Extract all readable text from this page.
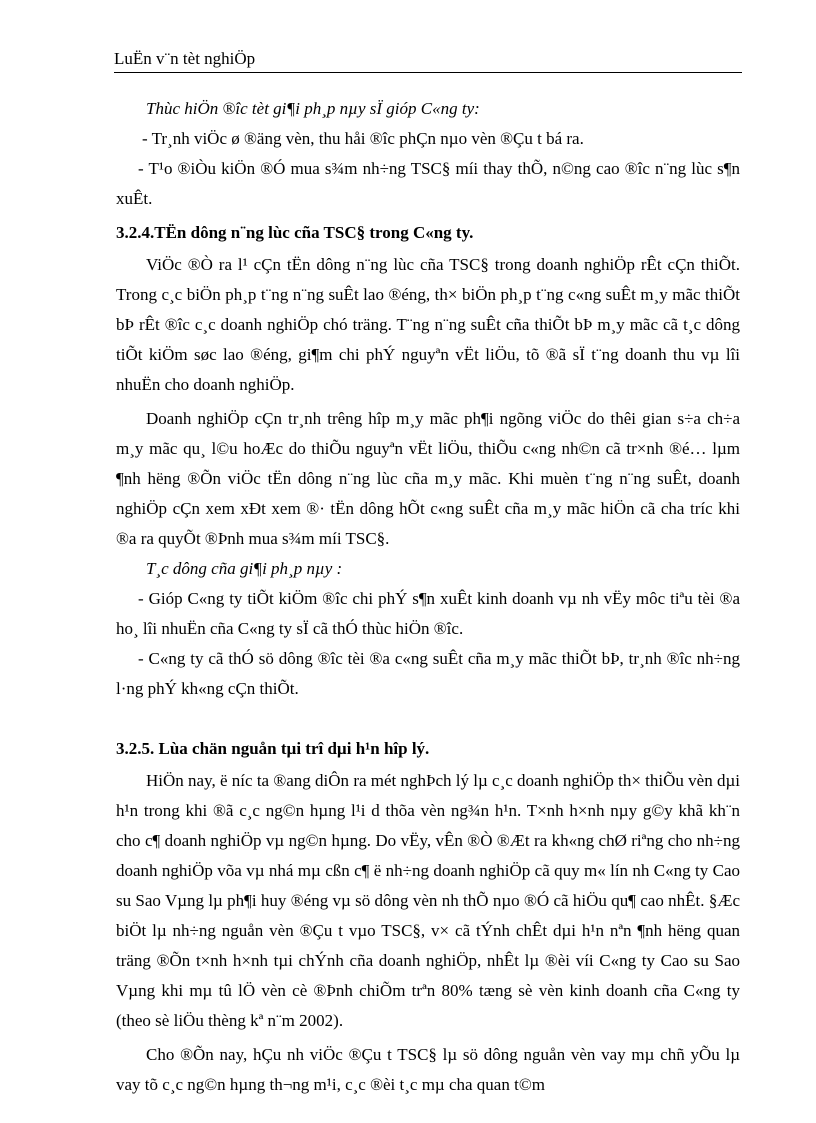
LuËn v¨n tèt nghiÖp

Thùc hiÖn ®îc tèt gi¶i ph¸p nµy sÏ gióp C«ng ty:

- Tr¸nh viÖc ø ®äng vèn, thu håi ®îc phÇn nµo vèn ®Çu t bá ra.

- T¹o ®iÒu kiÖn ®Ó mua s¾m nh÷ng TSC§ míi thay thÕ, n©ng cao ®îc n¨ng lùc s¶n xuÊt.

3.2.4.TËn dông n¨ng lùc cña TSC§ trong C«ng ty.

ViÖc ®Ò ra l¹ cÇn tËn dông n¨ng lùc cña TSC§ trong doanh nghiÖp rÊt cÇn thiÕt. Trong c¸c biÖn ph¸p t¨ng n¨ng suÊt lao ®éng, th× biÖn ph¸p t¨ng c«ng suÊt m¸y mãc thiÕt bÞ rÊt ®îc c¸c doanh nghiÖp chó träng. T¨ng n¨ng suÊt cña thiÕt bÞ m¸y mãc cã t¸c dông tiÕt kiÖm søc lao ®éng, gi¶m chi phÝ nguyªn vËt liÖu, tõ ®ã sÏ t¨ng doanh thu vµ lîi nhuËn cho doanh nghiÖp.

Doanh nghiÖp cÇn tr¸nh trêng hîp m¸y mãc ph¶i ngõng viÖc do thêi gian s÷a ch÷a m¸y mãc qu¸ l©u hoÆc do thiÕu nguyªn vËt liÖu, thiÕu c«ng nh©n cã tr×nh ®é… lµm ¶nh hëng ®Õn viÖc tËn dông n¨ng lùc cña m¸y mãc. Khi muèn t¨ng n¨ng suÊt, doanh nghiÖp cÇn xem xÐt xem ®· tËn dông hÕt c«ng suÊt cña m¸y mãc hiÖn cã cha tríc khi ®a ra quyÕt ®Þnh mua s¾m míi TSC§.

T¸c dông cña gi¶i ph¸p nµy :

- Gióp C«ng ty tiÕt kiÖm ®îc chi phÝ s¶n xuÊt kinh doanh vµ nh vËy môc tiªu tèi ®a ho¸ lîi nhuËn cña C«ng ty sÏ cã thÓ thùc hiÖn ®îc.

- C«ng ty cã thÓ sö dông ®îc tèi ®a c«ng suÊt cña m¸y mãc thiÕt bÞ, tr¸nh ®îc nh÷ng l·ng phÝ kh«ng cÇn thiÕt.

3.2.5. Lùa chän nguån tµi trî dµi h¹n hîp lý.

HiÖn nay, ë níc ta ®ang diÔn ra mét nghÞch lý lµ c¸c doanh nghiÖp th× thiÕu vèn dµi h¹n trong khi ®ã c¸c ng©n hµng l¹i d thõa vèn ng¾n h¹n. T×nh h×nh nµy g©y khã kh¨n cho c¶ doanh nghiÖp vµ ng©n hµng. Do vËy, vÊn ®Ò ®Æt ra kh«ng chØ riªng cho nh÷ng doanh nghiÖp võa vµ nhá mµ cßn c¶ ë nh÷ng doanh nghiÖp cã quy m« lín nh C«ng ty Cao su Sao Vµng lµ ph¶i huy ®éng vµ sö dông vèn nh thÕ nµo ®Ó cã hiÖu qu¶ cao nhÊt. §Æc biÖt lµ nh÷ng nguån vèn ®Çu t vµo TSC§, v× cã tÝnh chÊt dµi h¹n nªn ¶nh hëng quan träng ®Õn t×nh h×nh tµi chÝnh cña doanh nghiÖp, nhÊt lµ ®èi víi C«ng ty Cao su Sao Vµng khi mµ tû lÖ vèn cè ®Þnh chiÕm trªn 80% tæng sè vèn kinh doanh cña C«ng ty (theo sè liÖu thèng kª n¨m 2002).

Cho ®Õn nay, hÇu nh viÖc ®Çu t TSC§ lµ sö dông nguån vèn vay mµ chñ yÕu lµ vay tõ c¸c ng©n hµng th¬ng m¹i, c¸c ®èi t¸c mµ cha quan t©m
